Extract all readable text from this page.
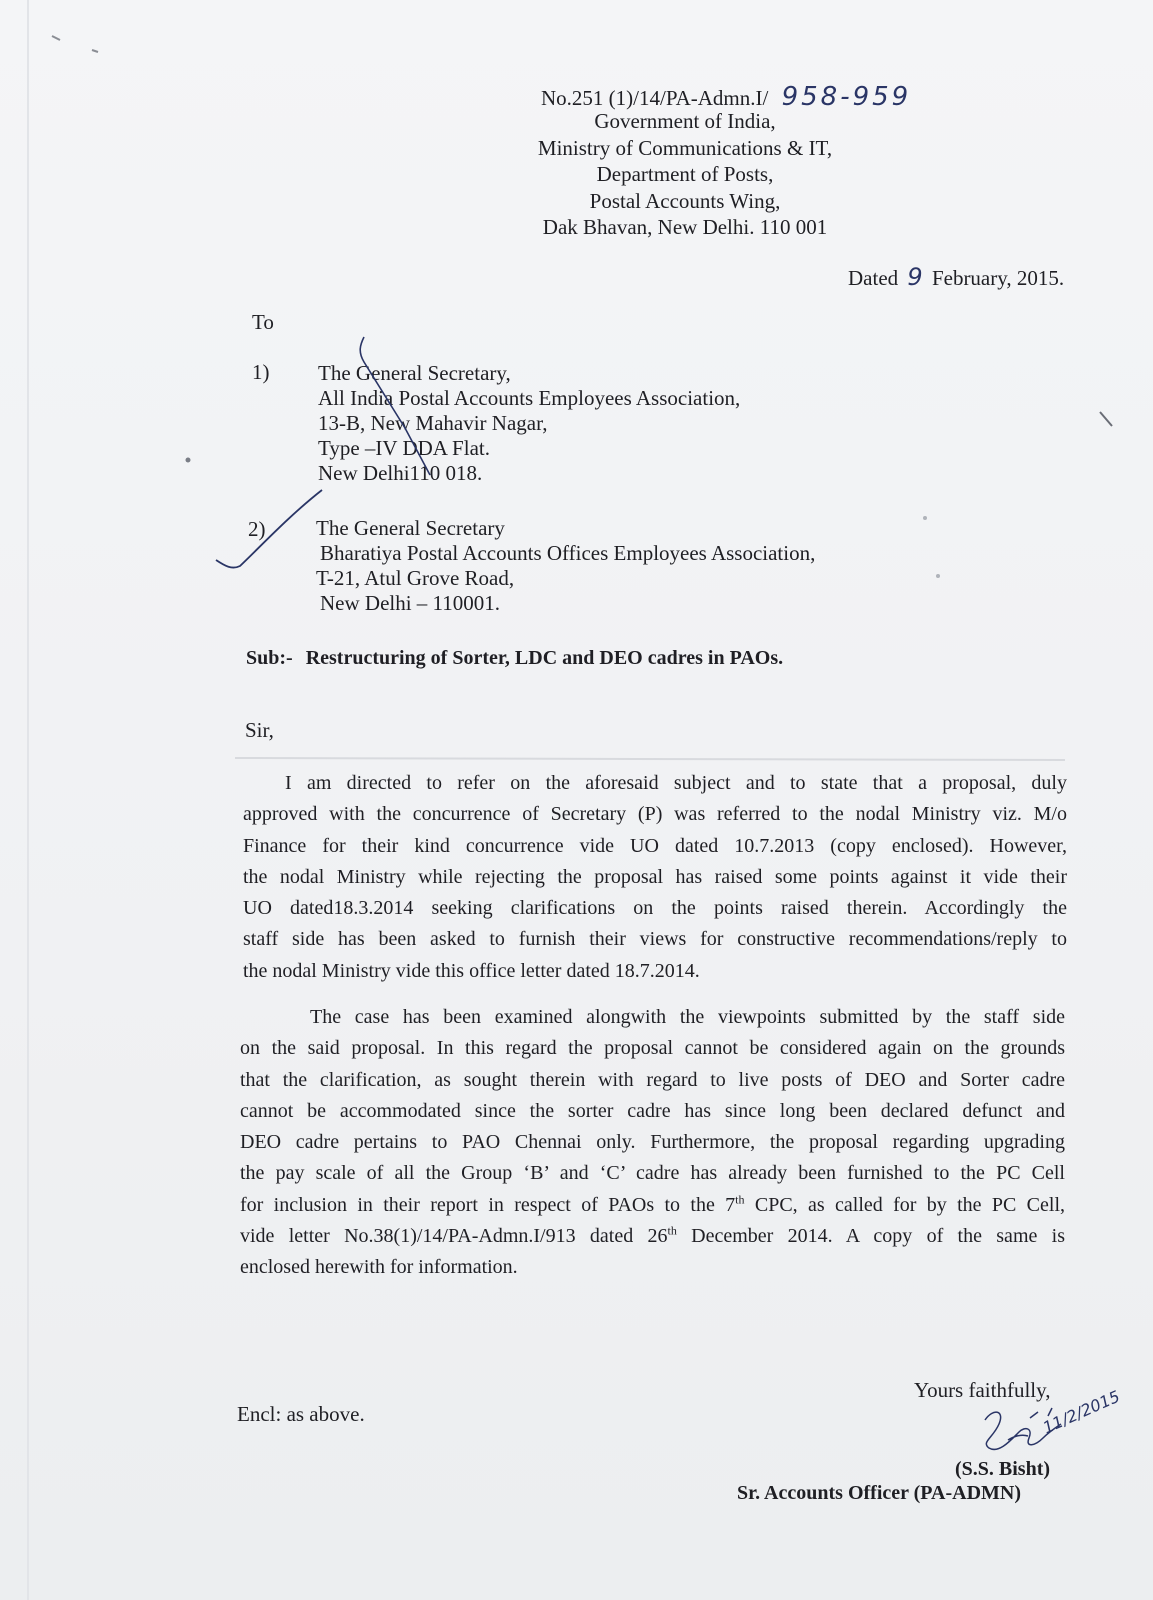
No.251 (1)/14/PA-Admn.I/ 958-959
Government of India,
Ministry of Communications & IT,
Department of Posts,
Postal Accounts Wing,
Dak Bhavan, New Delhi. 110 001
Dated 9 February, 2015.
To
1) The General Secretary,
All India Postal Accounts Employees Association,
13-B, New Mahavir Nagar,
Type –IV DDA Flat.
New Delhi110 018.
2) The General Secretary
Bharatiya Postal Accounts Offices Employees Association,
T-21, Atul Grove Road,
New Delhi – 110001.
Sub:- Restructuring of Sorter, LDC and DEO cadres in PAOs.
Sir,
I am directed to refer on the aforesaid subject and to state that a proposal, duly
approved with the concurrence of Secretary (P) was referred to the nodal Ministry viz. M/o
Finance for their kind concurrence vide UO dated 10.7.2013 (copy enclosed). However,
the nodal Ministry while rejecting the proposal has raised some points against it vide their
UO dated18.3.2014 seeking clarifications on the points raised therein. Accordingly the
staff side has been asked to furnish their views for constructive recommendations/reply to
the nodal Ministry vide this office letter dated 18.7.2014.
The case has been examined alongwith the viewpoints submitted by the staff side
on the said proposal. In this regard the proposal cannot be considered again on the grounds
that the clarification, as sought therein with regard to live posts of DEO and Sorter cadre
cannot be accommodated since the sorter cadre has since long been declared defunct and
DEO cadre pertains to PAO Chennai only. Furthermore, the proposal regarding upgrading
the pay scale of all the Group ‘B’ and ‘C’ cadre has already been furnished to the PC Cell
for inclusion in their report in respect of PAOs to the 7th CPC, as called for by the PC Cell,
vide letter No.38(1)/14/PA-Admn.I/913 dated 26th December 2014. A copy of the same is
enclosed herewith for information.
Encl: as above.
Yours faithfully,
11/2/2015
(S.S. Bisht)
Sr. Accounts Officer (PA-ADMN)
